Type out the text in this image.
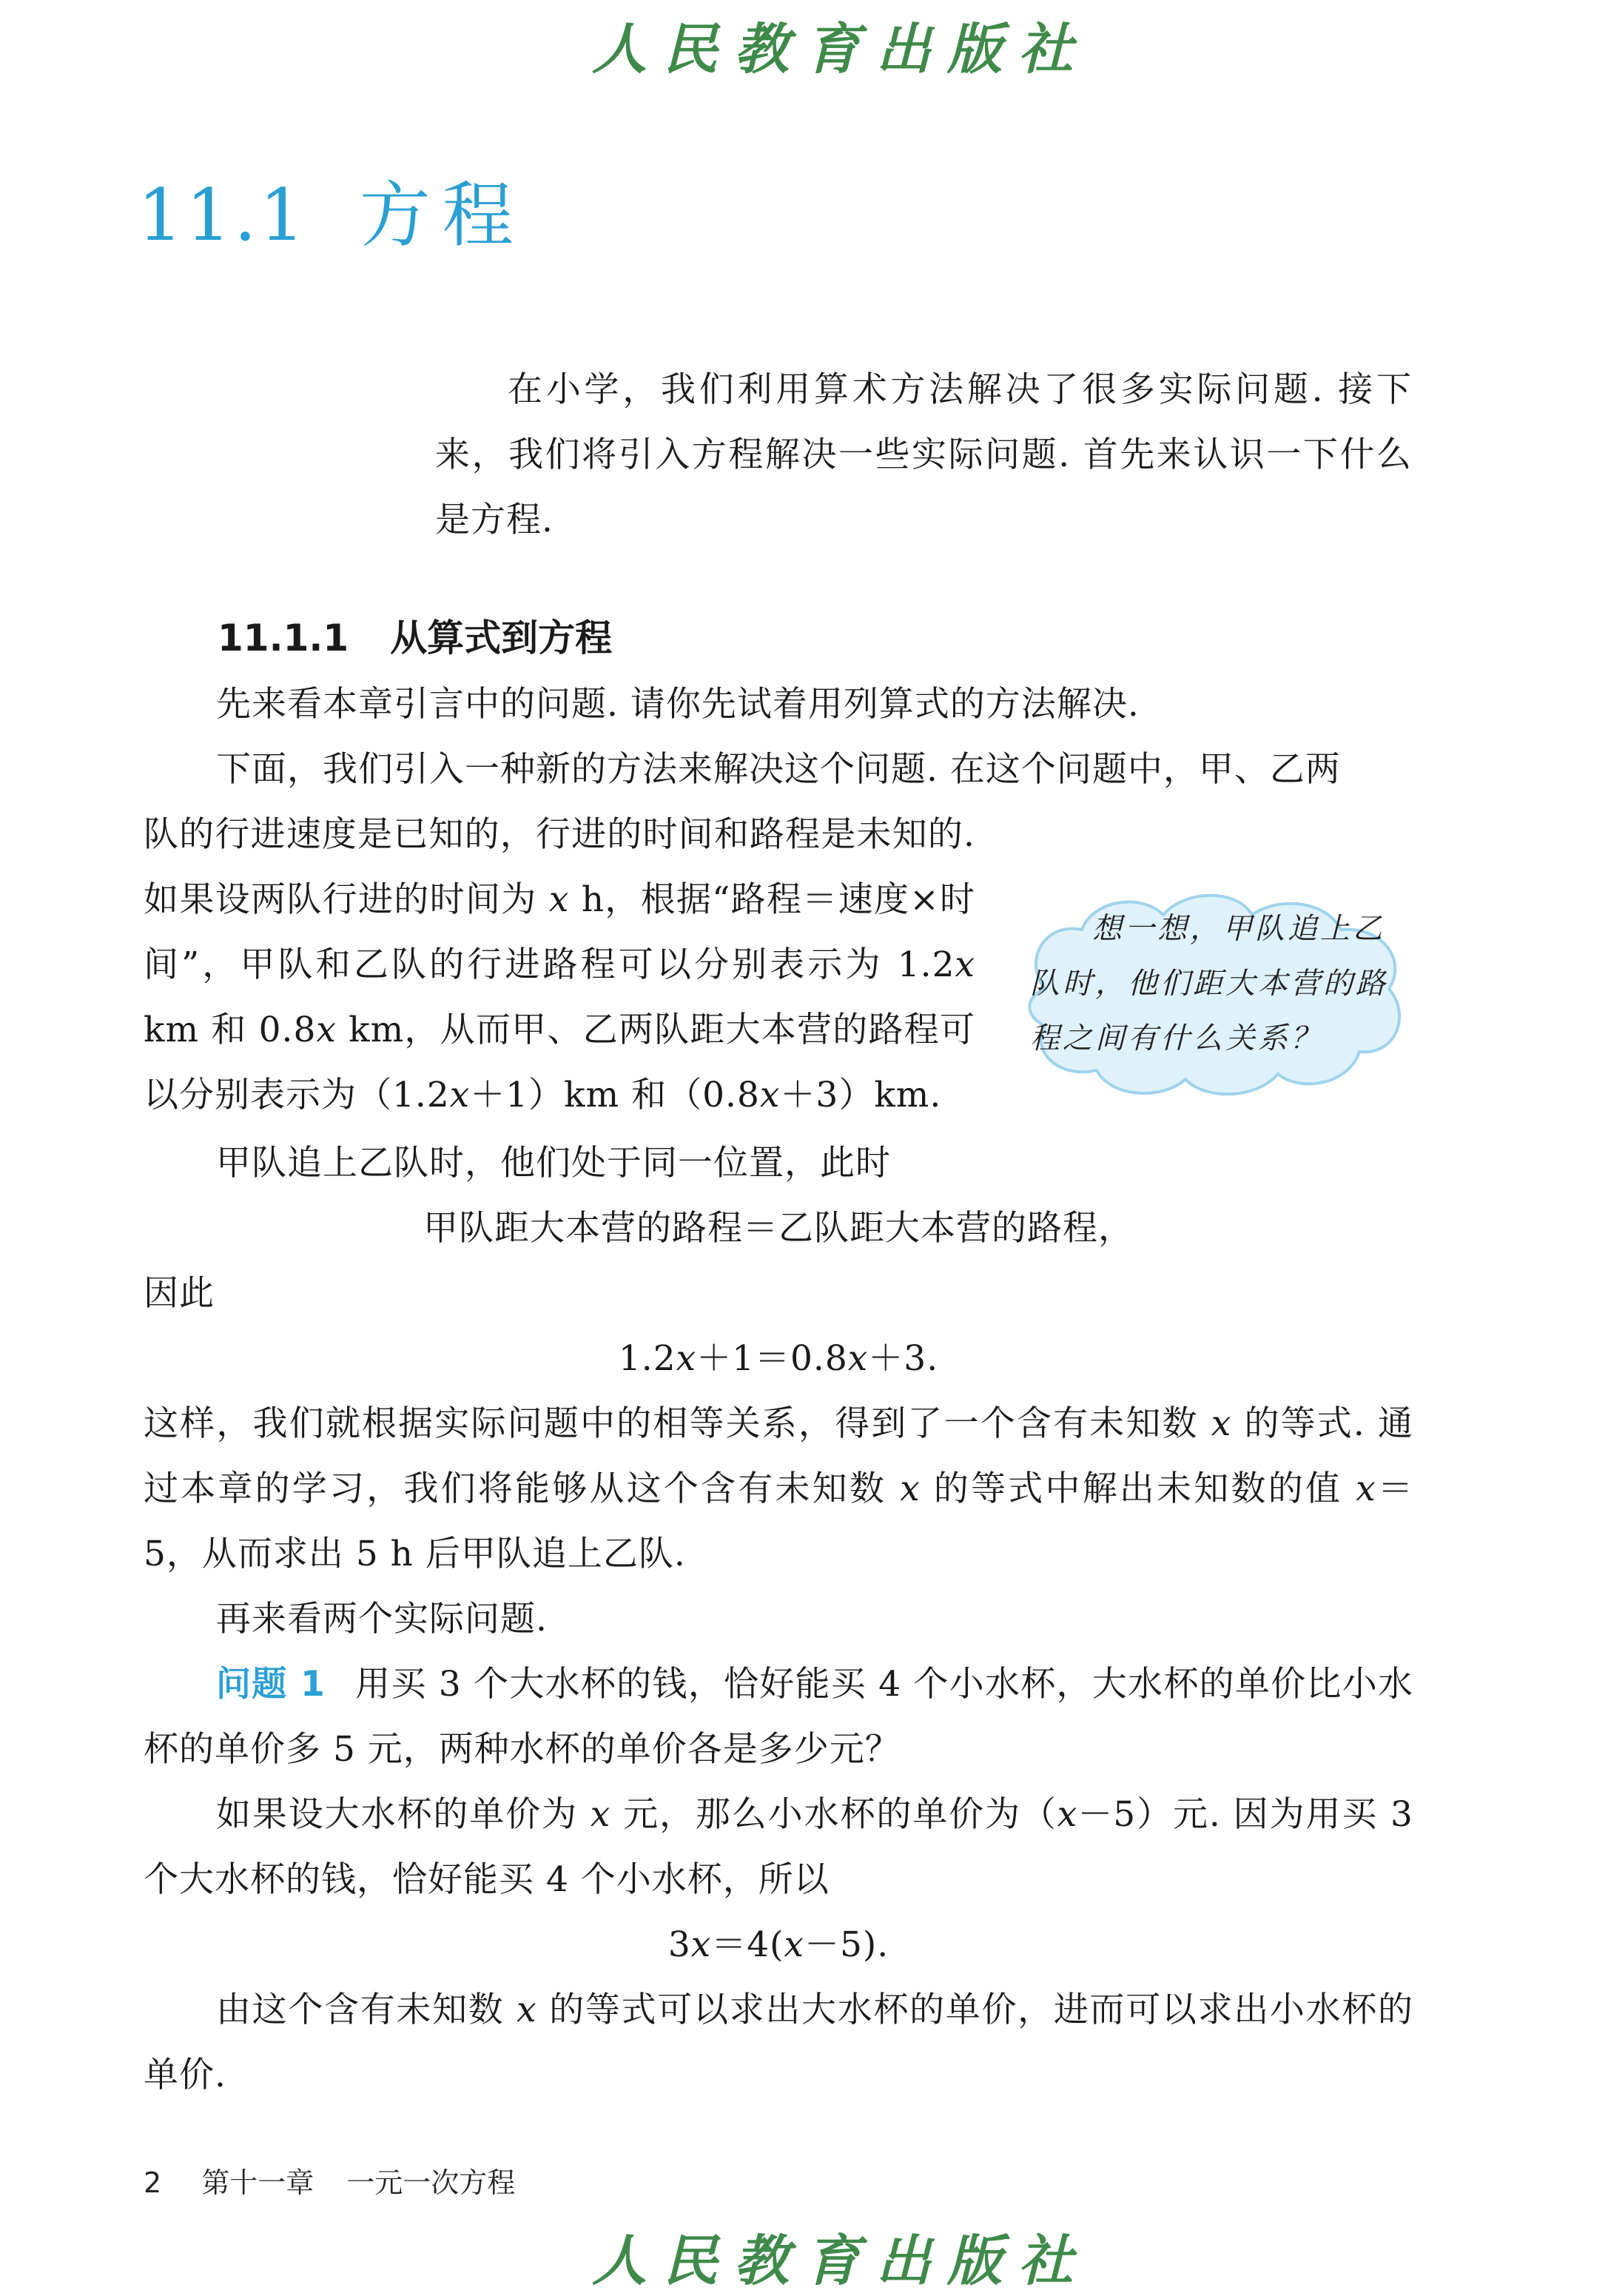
人民教育出版社
11.1 方程
在小学，我们利用算术方法解决了很多实际问题. 接下来，我们将引入方程解决一些实际问题. 首先来认识一下什么是方程.
11.1.1 从算式到方程
先来看本章引言中的问题. 请你先试着用列算式的方法解决.
下面，我们引入一种新的方法来解决这个问题. 在这个问题中，甲、乙两
队的行进速度是已知的，行进的时间和路程是未知的. 如果设两队行进的时间为 x h，根据“路程＝速度×时间”，甲队和乙队的行进路程可以分别表示为 1.2x km 和 0.8x km，从而甲、乙两队距大本营的路程可以分别表示为（1.2x＋1）km 和（0.8x＋3）km.
想一想，甲队追上乙队时，他们距大本营的路程之间有什么关系？
甲队追上乙队时，他们处于同一位置，此时
甲队距大本营的路程＝乙队距大本营的路程，
因此
1.2x＋1＝0.8x＋3.
这样，我们就根据实际问题中的相等关系，得到了一个含有未知数 x 的等式. 通过本章的学习，我们将能够从这个含有未知数 x 的等式中解出未知数的值 x＝5，从而求出 5 h 后甲队追上乙队.
再来看两个实际问题.
问题 1 用买 3 个大水杯的钱，恰好能买 4 个小水杯，大水杯的单价比小水杯的单价多 5 元，两种水杯的单价各是多少元？
如果设大水杯的单价为 x 元，那么小水杯的单价为（x－5）元. 因为用买 3 个大水杯的钱，恰好能买 4 个小水杯，所以
3x＝4(x－5).
由这个含有未知数 x 的等式可以求出大水杯的单价，进而可以求出小水杯的单价.
2 第十一章 一元一次方程
人民教育出版社
